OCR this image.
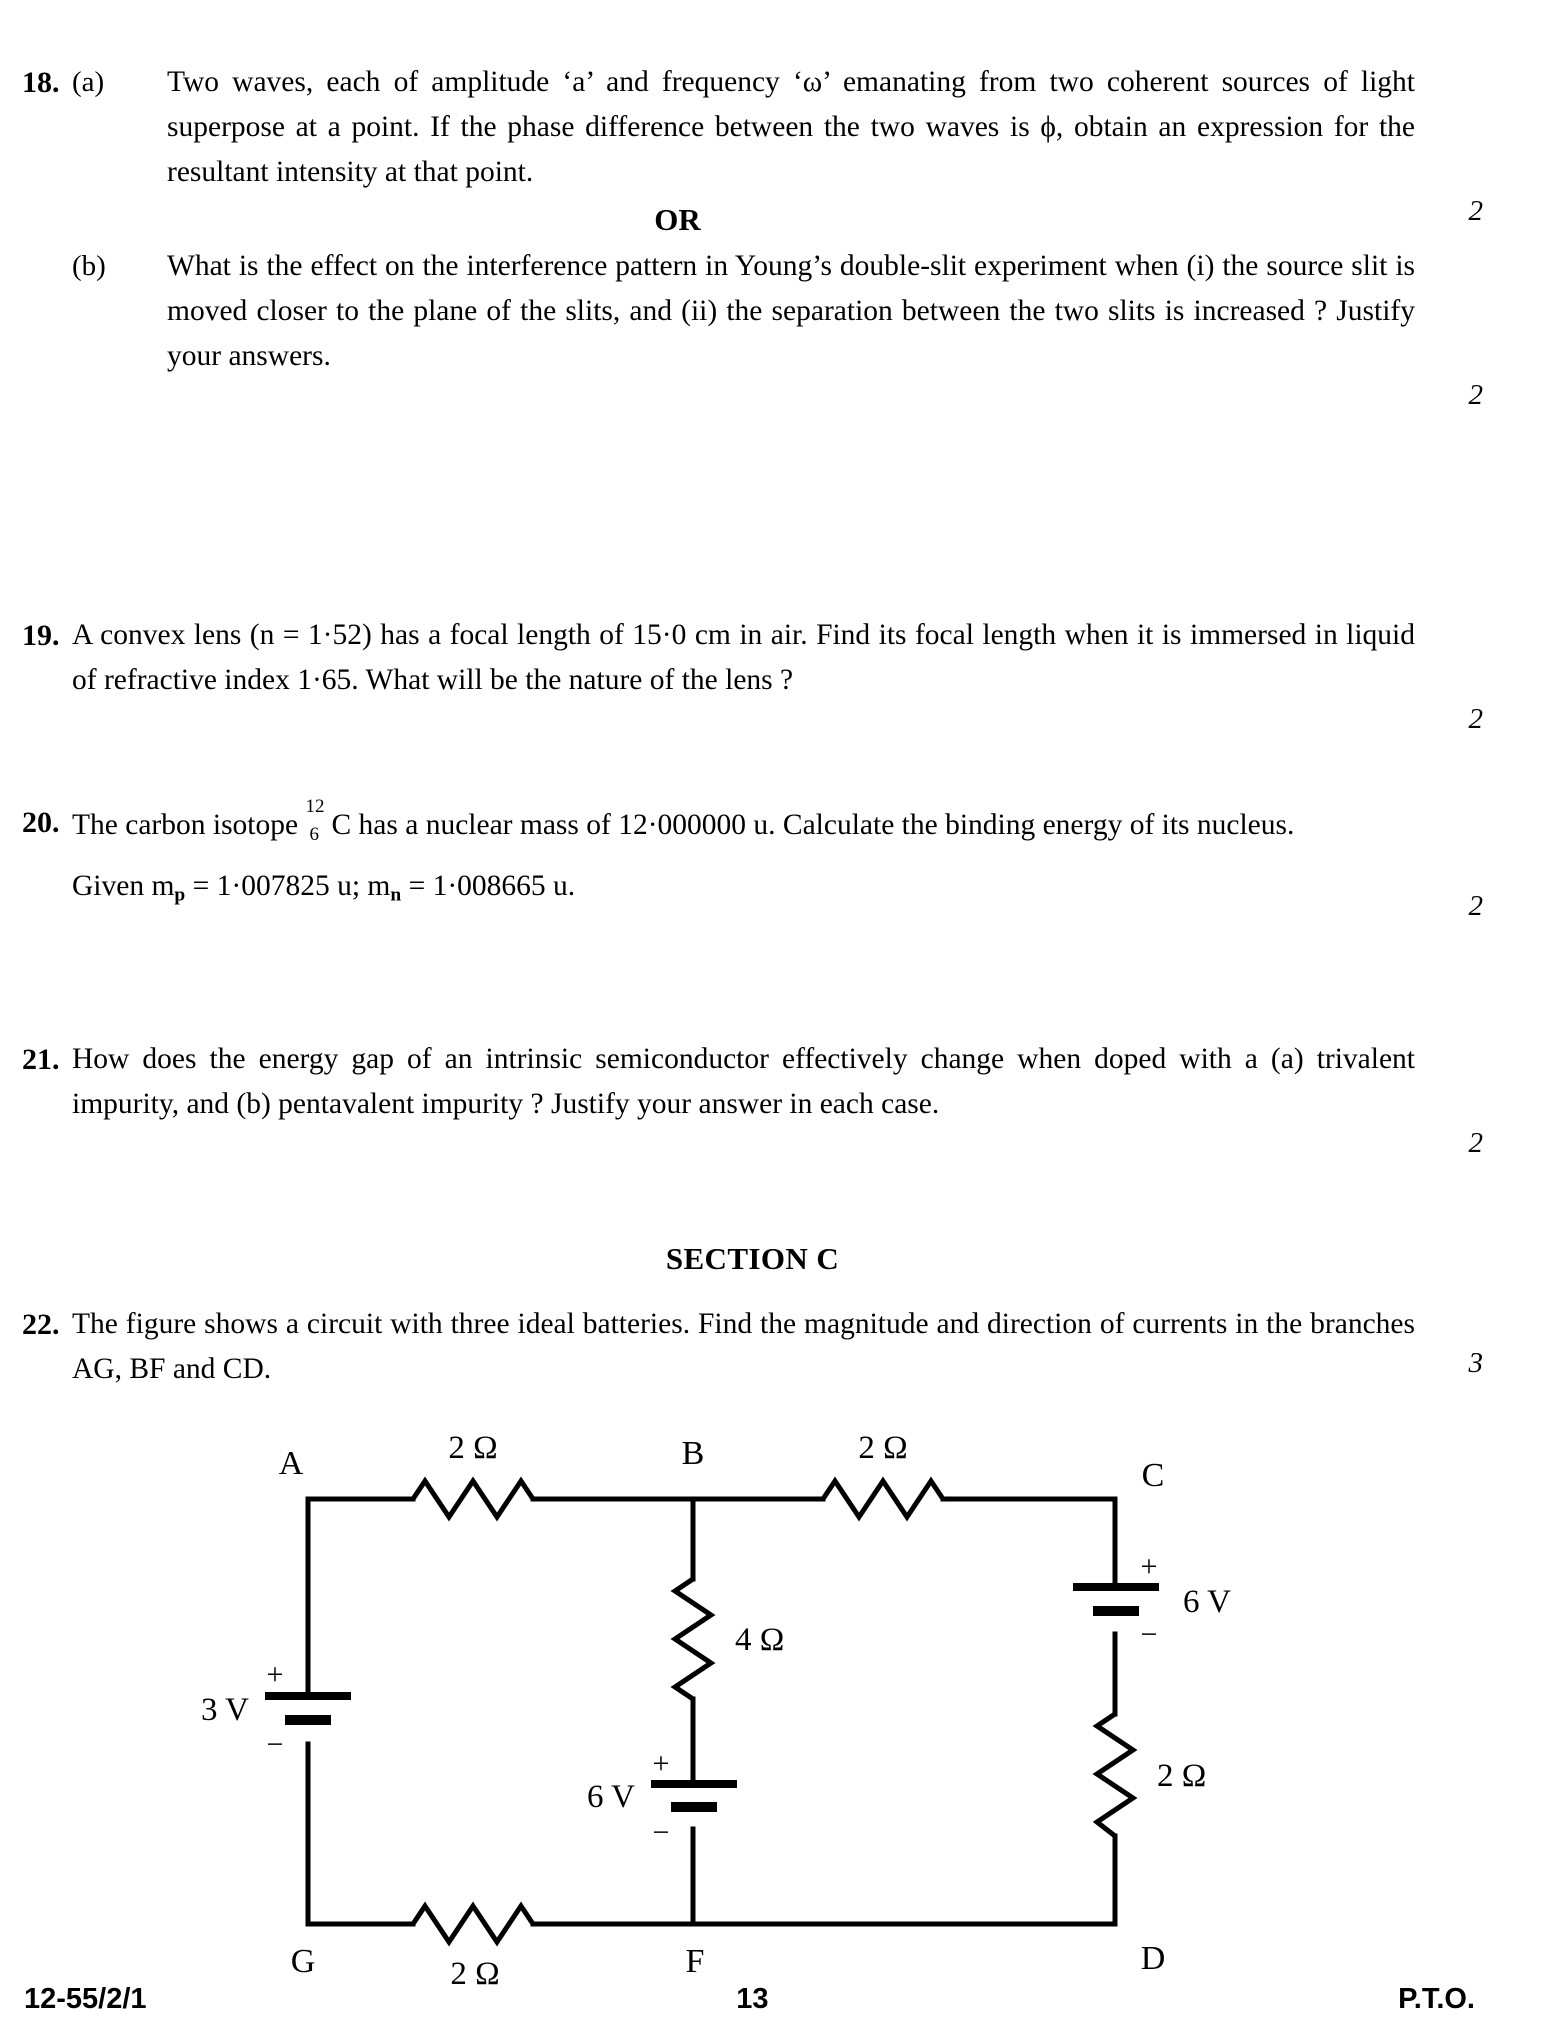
18. (a)	Two waves, each of amplitude ‘a’ and frequency ‘ω’ emanating from two coherent sources of light superpose at a point. If the phase difference between the two waves is ϕ, obtain an expression for the resultant intensity at that point.
2
OR
(b)	What is the effect on the interference pattern in Young’s double-slit experiment when (i) the source slit is moved closer to the plane of the slits, and (ii) the separation between the two slits is increased ? Justify your answers.
2
19. A convex lens (n = 1·52) has a focal length of 15·0 cm in air. Find its focal length when it is immersed in liquid of refractive index 1·65. What will be the nature of the lens ?
2
20. The carbon isotope
12
6 C has a nuclear mass of 12·000000 u. Calculate the binding energy of its nucleus.
2
Given $m_p = 1\cdot 007825$ u; $m_n = 1\cdot 008665$ u.
21. How does the energy gap of an intrinsic semiconductor effectively change when doped with a (a) trivalent impurity, and (b) pentavalent impurity ? Justify your answer in each case.
2
SECTION C
22. The figure shows a circuit with three ideal batteries. Find the magnitude and direction of currents in the branches AG, BF and CD.	3
2 Ω	2 Ω
2 Ω
4 Ω
2 Ω
3 V
+
−
6 V
+
−
6 V
+
−
A	B
C
D
F
G
12-55/2/1	13	P.T.O.
